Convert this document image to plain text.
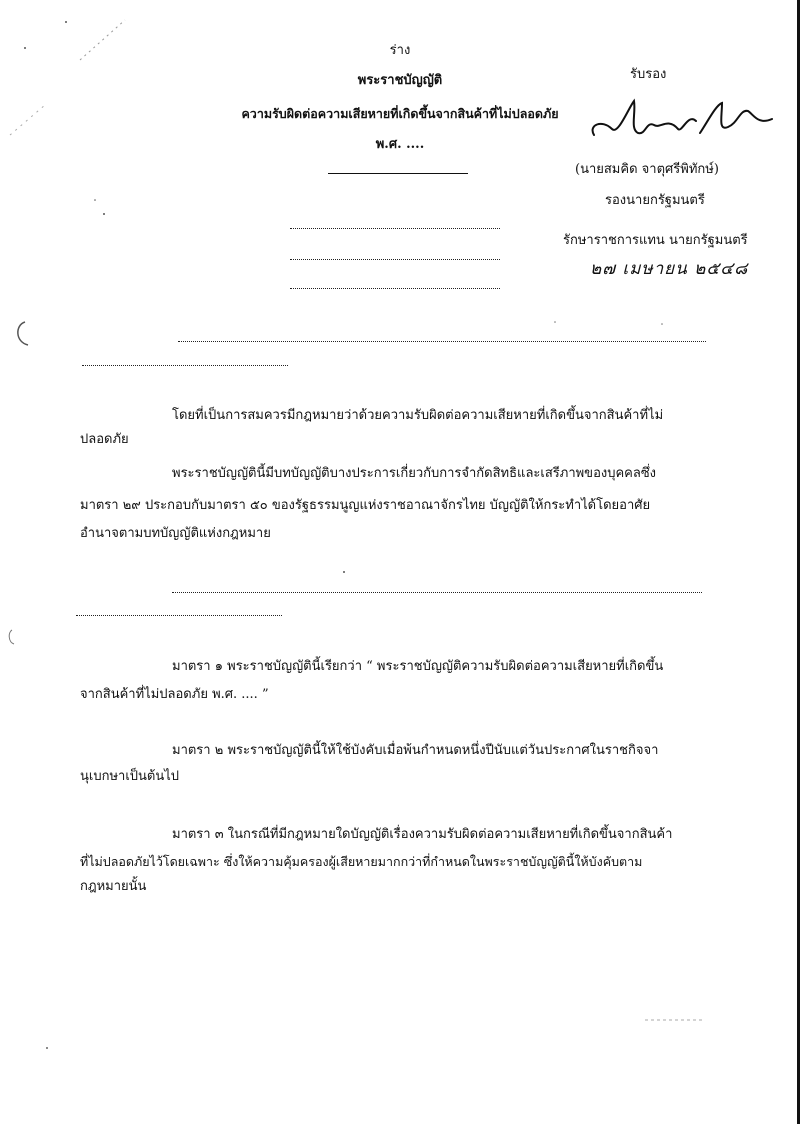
ร่าง
พระราชบัญญัติ
ความรับผิดต่อความเสียหายที่เกิดขึ้นจากสินค้าที่ไม่ปลอดภัย
พ.ศ. ....
รับรอง
(นายสมคิด จาตุศรีพิทักษ์)
รองนายกรัฐมนตรี
รักษาราชการแทน นายกรัฐมนตรี
๒๗ เมษายน ๒๕๔๘
โดยที่เป็นการสมควรมีกฎหมายว่าด้วยความรับผิดต่อความเสียหายที่เกิดขึ้นจากสินค้าที่ไม่
ปลอดภัย
พระราชบัญญัตินี้มีบทบัญญัติบางประการเกี่ยวกับการจำกัดสิทธิและเสรีภาพของบุคคลซึ่ง
มาตรา ๒๙ ประกอบกับมาตรา ๕๐ ของรัฐธรรมนูญแห่งราชอาณาจักรไทย บัญญัติให้กระทำได้โดยอาศัย
อำนาจตามบทบัญญัติแห่งกฎหมาย
มาตรา ๑ พระราชบัญญัตินี้เรียกว่า “ พระราชบัญญัติความรับผิดต่อความเสียหายที่เกิดขึ้น
จากสินค้าที่ไม่ปลอดภัย พ.ศ. .... ”
มาตรา ๒ พระราชบัญญัตินี้ให้ใช้บังคับเมื่อพ้นกำหนดหนึ่งปีนับแต่วันประกาศในราชกิจจา
นุเบกษาเป็นต้นไป
มาตรา ๓ ในกรณีที่มีกฎหมายใดบัญญัติเรื่องความรับผิดต่อความเสียหายที่เกิดขึ้นจากสินค้า
ที่ไม่ปลอดภัยไว้โดยเฉพาะ ซึ่งให้ความคุ้มครองผู้เสียหายมากกว่าที่กำหนดในพระราชบัญญัตินี้ให้บังคับตาม
กฎหมายนั้น
